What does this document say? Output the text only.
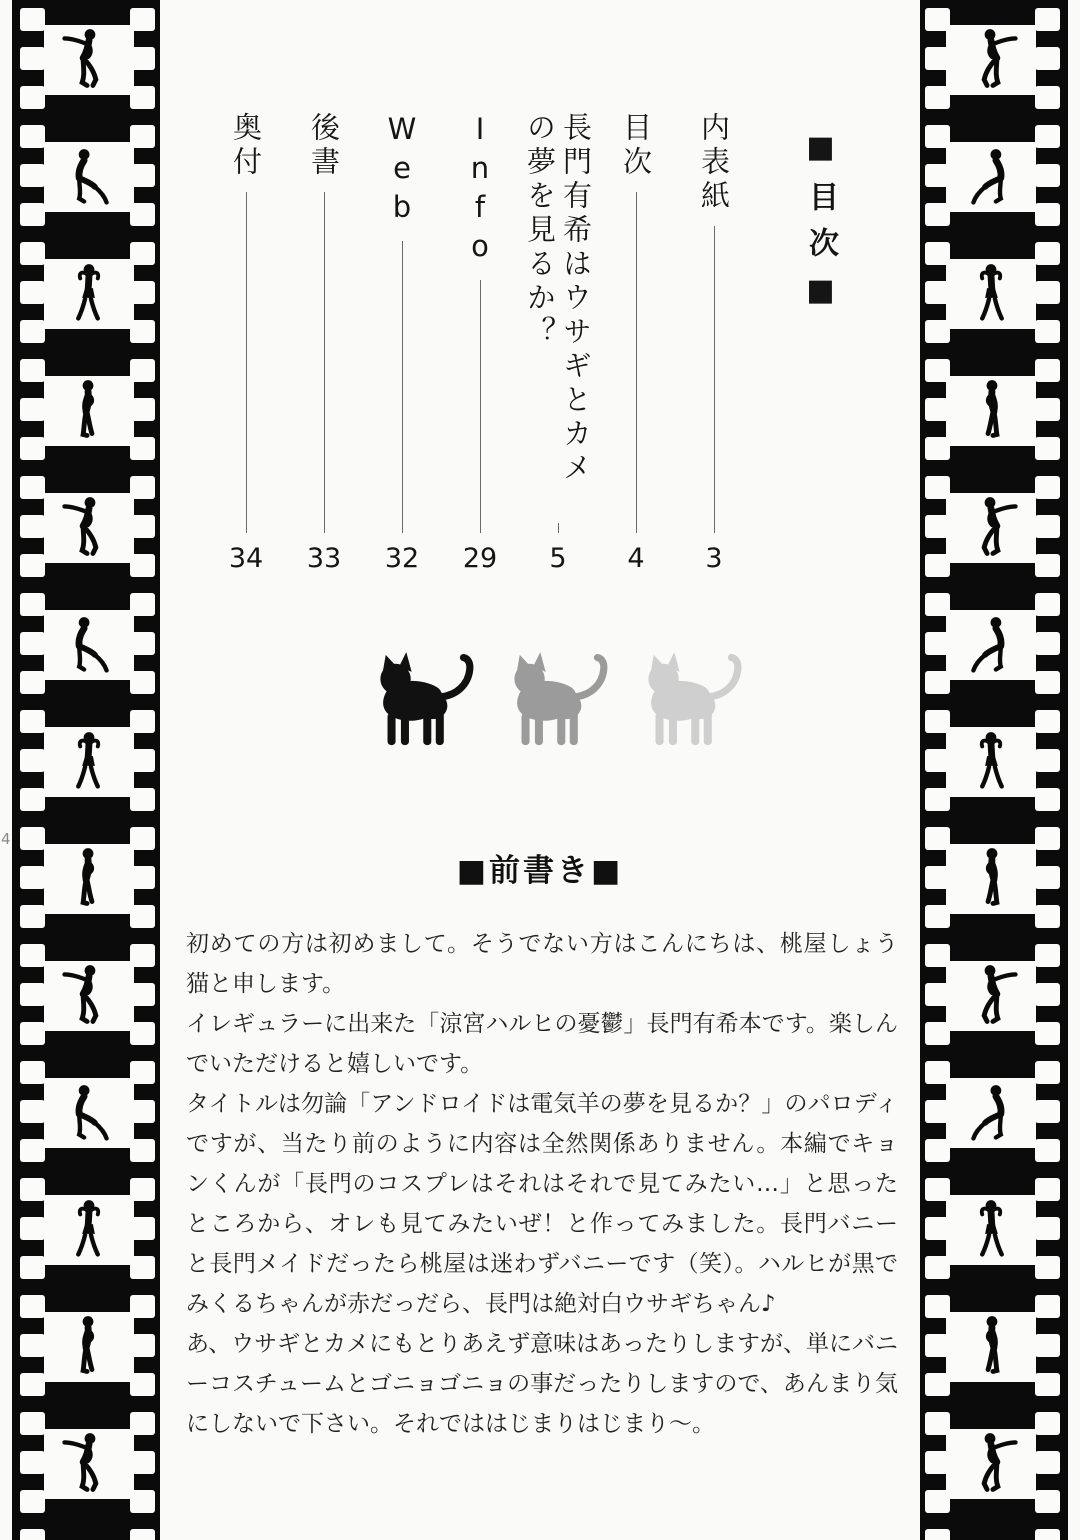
4
■目次■
内表紙
3
目次
4
長門有希はウサギとカメの夢を見るか？
5
Info
29
Web
32
後書
33
奥付
34
■前書き■

初めての方は初めまして。そうでない方はこんにちは、桃屋しょう猫と申します。

イレギュラーに出来た「涼宮ハルヒの憂鬱」長門有希本です。楽しんでいただけると嬉しいです。

タイトルは勿論「アンドロイドは電気羊の夢を見るか？」のパロディですが、当たり前のように内容は全然関係ありません。本編でキョンくんが「長門のコスプレはそれはそれで見てみたい…」と思ったところから、オレも見てみたいぜ！と作ってみました。長門バニーと長門メイドだったら桃屋は迷わずバニーです（笑）。ハルヒが黒でみくるちゃんが赤だっだら、長門は絶対白ウサギちゃん♪

あ、ウサギとカメにもとりあえず意味はあったりしますが、単にバニーコスチュームとゴニョゴニョの事だったりしますので、あんまり気にしないで下さい。それでははじまりはじまり〜。
